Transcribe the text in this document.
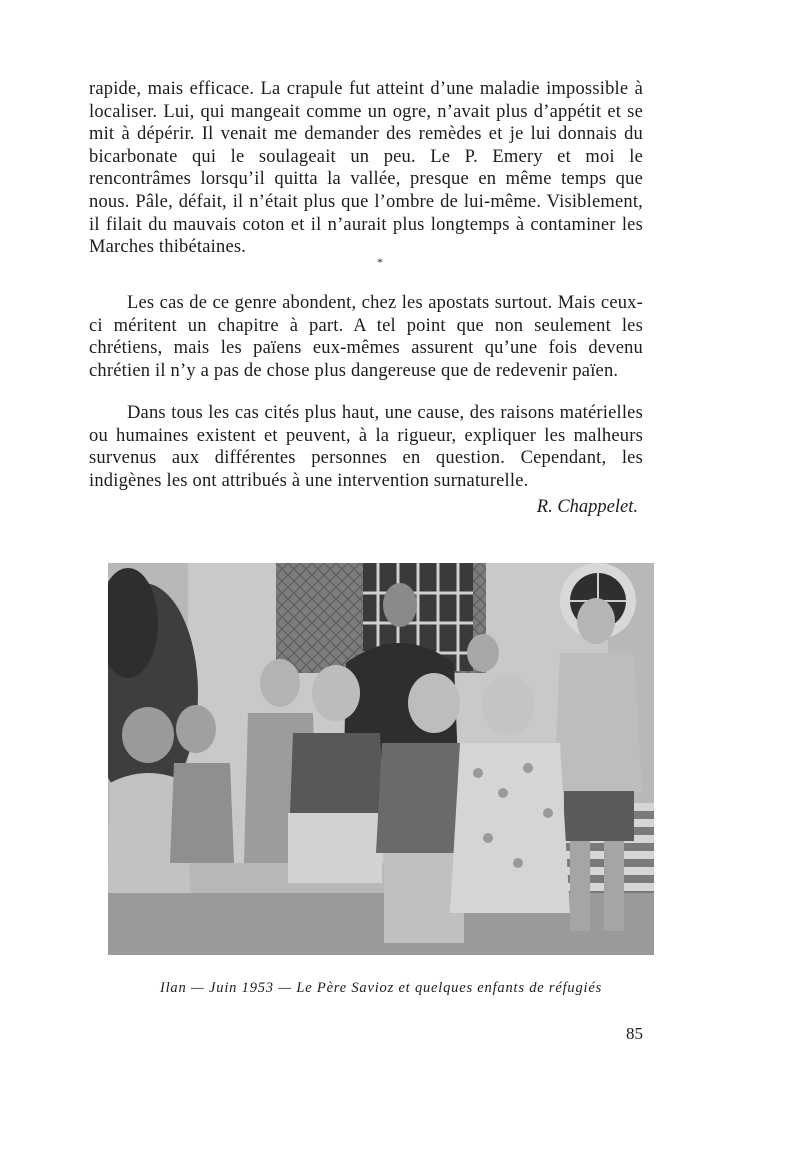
rapide, mais efficace. La crapule fut atteint d’une maladie impossible à localiser. Lui, qui mangeait comme un ogre, n’avait plus d’appétit et se mit à dépérir. Il venait me demander des remèdes et je lui donnais du bicarbonate qui le soulageait un peu. Le P. Emery et moi le rencontrâmes lorsqu’il quitta la vallée, presque en même temps que nous. Pâle, défait, il n’était plus que l’ombre de lui-même. Visiblement, il filait du mauvais coton et il n’aurait plus longtemps à contaminer les Marches thibétaines.

*

Les cas de ce genre abondent, chez les apostats surtout. Mais ceux-ci méritent un chapitre à part. A tel point que non seulement les chrétiens, mais les païens eux-mêmes assurent qu’une fois devenu chrétien il n’y a pas de chose plus dangereuse que de redevenir païen.

Dans tous les cas cités plus haut, une cause, des raisons matérielles ou humaines existent et peuvent, à la rigueur, expliquer les malheurs survenus aux différentes personnes en question. Cependant, les indigènes les ont attribués à une intervention surnaturelle.

R. Chappelet.
Ilan — Juin 1953 — Le Père Savioz et quelques enfants de réfugiés
85
